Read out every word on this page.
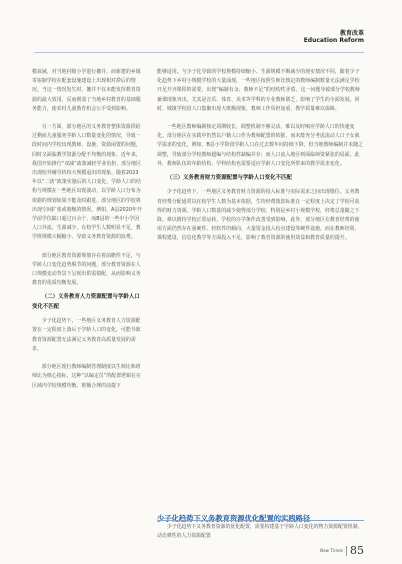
教育改革
Education Reform

模衰减，对当地村级小学进行撤并，而新建的乡镇寄宿制学校在配套设施建设上出现相对滞后的情况。当这一情况发生时，撤并不仅未能发挥教育资源的最大效用，反而削弱了当地乡村教育的基础服务能力，使农村儿童教育机会公平受到影响。

另一方面，部分地区的义务教育整体资源供给过剩而儿童服务学龄人口数量变化的情况，导致一段时间内学校出现教师、设施、资源闲置的问题，同时又面临教学资源分配不均衡的现象。近年来，我国开始推行“双减”政策减轻学业负担，部分地区出现校外辅导机构大规模退出的现象。随着2023年以“二孩”政策实施后的人口变化，学龄人口的结构与规模在一些地区出现波动，以学龄人口分布为依据的规划如果不能及时跟进，部分地区的学校将出现空间扩张或收缩的情况。例如，A县2020年开学前学位缺口超过百余个，而B县的一些中小学因人口外流、生源减少，在校学生人数明显不足，教学班规模大幅缩小，导致义务教育资源的浪费。

部分地区教育资源规划存在着前瞻性不足、与学龄人口变化趋势脱节的问题，部分教育资源在人口规模变动背景下呈现出供需错配，从而影响义务教育的优质均衡发展。

（二）义务教育人力资源配置与学龄人口变化不匹配

少子化趋势下，一些地区义务教育人力资源配置在一定程度上落后于学龄人口的变化，可能导致教育资源配置无法满足义务教育高质量发展的需求。

部分地区现行教师编制管理制度以生师比和班师比为核心指标，这种“以编定员”的配置逻辑在在区域内学校规模均衡、班额合理的前提下

能够适用。与少子化导致的学校规模持续缩小、生源规模不断减少的现实情况不同，随着少子化趋势下乡村小规模学校的大量涌现，一些地区按照生师比核定的教师编制数量无法满足学校开足开齐课程的需要，出现“编制有余、教师不足”的结构性矛盾。这一问题导致部分学校教师兼课现象突出，尤其是音乐、体育、美术等学科的专业教师匮乏，影响了学生的全面发展。同时，城镇学校因人口集聚出现大班额现象，教师工作负担加重，教学质量难以保障。

一些地区教师编制核定周期较长，调整机制不够灵活，难以及时响应学龄人口的快速变化。部分地区在实践中仍然以户籍人口作为教师配置的依据，而未能充分考虑流动人口子女就学需求的变化。例如，B县小学阶段学龄人口在过去数年间持续下降，但当地教师编制并未随之调整，导致部分学校教师超编与结构性缺编并存；而人口流入地区则面临师资紧张的局面。此外，教师队伍的年龄结构、学科结构也需要适应学龄人口变化所带来的教学需求变化。

（三）义务教育财力资源配置与学龄人口变化不匹配

少子化趋势下，一些地区义务教育财力资源的投入标准与实际需求之间出现错位。义务教育经费分配通常以在校学生人数为基本依据，生均经费拨款标准在一定程度上决定了学校可获得的财力资源。学龄人口数量的减少使得部分学校，特别是乡村小规模学校，经费总量随之下降，难以维持学校正常运转，学校的办学条件改善受到影响。此外，部分地区在教育经费的使用方面仍然存在重硬件、轻软件的倾向，大量资金投入校舍建设等硬件设施，而在教师培训、课程建设、信息化教学等方面投入不足，影响了教育资源的使用效益和教育质量的提升。

少子化趋势下义务教育资源优化配置的实践路径

少子化趋势下义务教育资源的优化配置，需要构建基于学龄人口变化的物力资源配置机制、动态弹性的人力资源配置

New Times 85
